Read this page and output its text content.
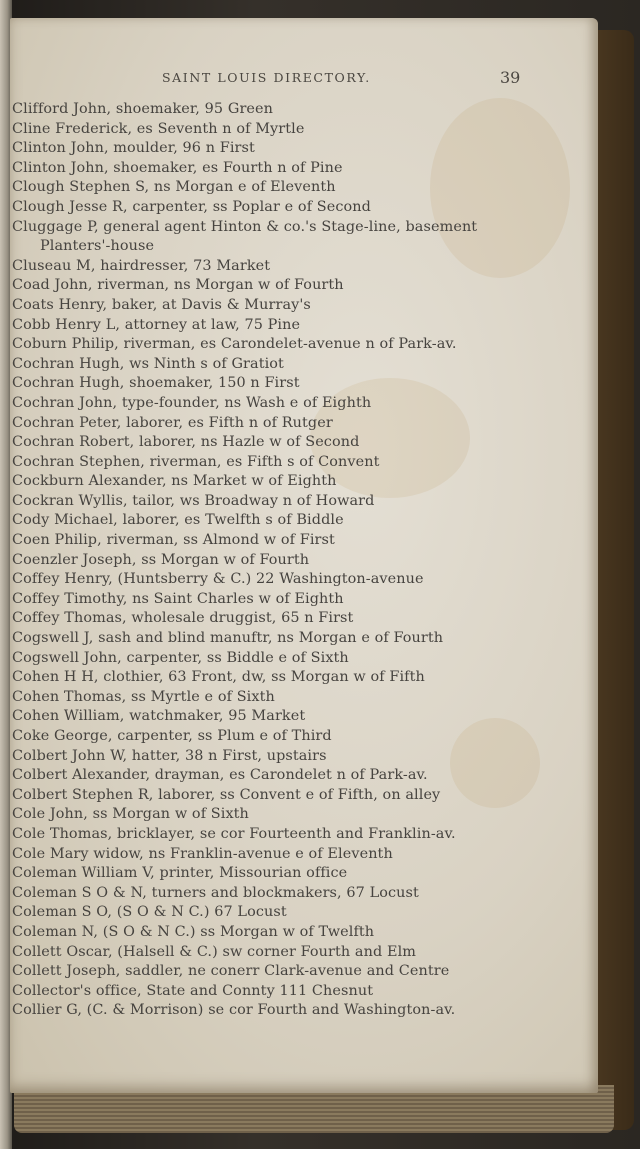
SAINT LOUIS DIRECTORY.	39
Clifford John, shoemaker, 95 Green
Cline Frederick, es Seventh n of Myrtle
Clinton John, moulder, 96 n First
Clinton John, shoemaker, es Fourth n of Pine
Clough Stephen S, ns Morgan e of Eleventh
Clough Jesse R, carpenter, ss Poplar e of Second
Cluggage P, general agent Hinton & co.'s Stage-line, basement
Planters'-house
Cluseau M, hairdresser, 73 Market
Coad John, riverman, ns Morgan w of Fourth
Coats Henry, baker, at Davis & Murray's
Cobb Henry L, attorney at law, 75 Pine
Coburn Philip, riverman, es Carondelet-avenue n of Park-av.
Cochran Hugh, ws Ninth s of Gratiot
Cochran Hugh, shoemaker, 150 n First
Cochran John, type-founder, ns Wash e of Eighth
Cochran Peter, laborer, es Fifth n of Rutger
Cochran Robert, laborer, ns Hazle w of Second
Cochran Stephen, riverman, es Fifth s of Convent
Cockburn Alexander, ns Market w of Eighth
Cockran Wyllis, tailor, ws Broadway n of Howard
Cody Michael, laborer, es Twelfth s of Biddle
Coen Philip, riverman, ss Almond w of First
Coenzler Joseph, ss Morgan w of Fourth
Coffey Henry, (Huntsberry & C.) 22 Washington-avenue
Coffey Timothy, ns Saint Charles w of Eighth
Coffey Thomas, wholesale druggist, 65 n First
Cogswell J, sash and blind manuftr, ns Morgan e of Fourth
Cogswell John, carpenter, ss Biddle e of Sixth
Cohen H H, clothier, 63 Front, dw, ss Morgan w of Fifth
Cohen Thomas, ss Myrtle e of Sixth
Cohen William, watchmaker, 95 Market
Coke George, carpenter, ss Plum e of Third
Colbert John W, hatter, 38 n First, upstairs
Colbert Alexander, drayman, es Carondelet n of Park-av.
Colbert Stephen R, laborer, ss Convent e of Fifth, on alley
Cole John, ss Morgan w of Sixth
Cole Thomas, bricklayer, se cor Fourteenth and Franklin-av.
Cole Mary widow, ns Franklin-avenue e of Eleventh
Coleman William V, printer, Missourian office
Coleman S O & N, turners and blockmakers, 67 Locust
Coleman S O, (S O & N C.) 67 Locust
Coleman N, (S O & N C.) ss Morgan w of Twelfth
Collett Oscar, (Halsell & C.) sw corner Fourth and Elm
Collett Joseph, saddler, ne conerr Clark-avenue and Centre
Collector's office, State and Connty 111 Chesnut
Collier G, (C. & Morrison) se cor Fourth and Washington-av.
